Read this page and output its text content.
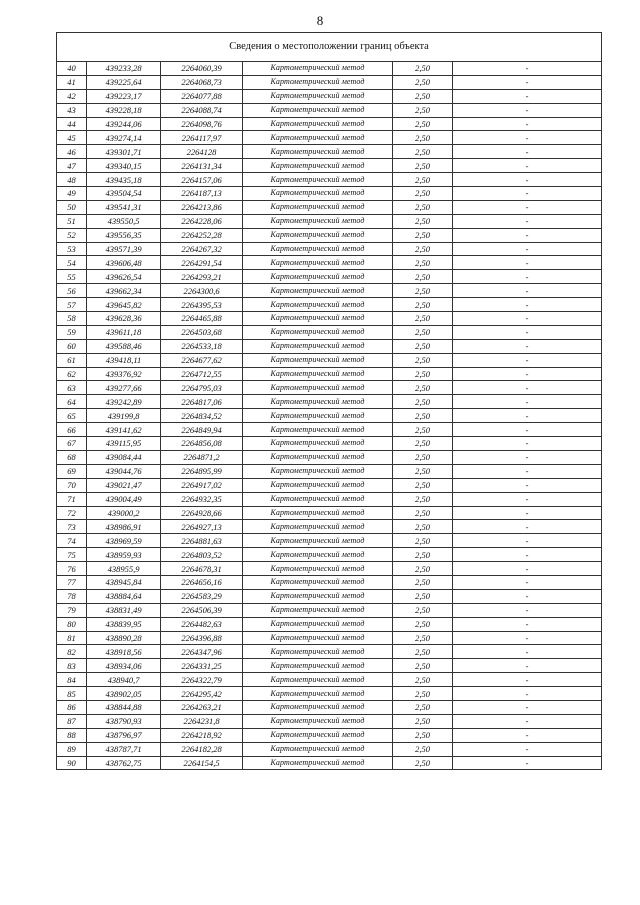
8
Сведения о местоположении границ объекта					
40	439233,28	2264060,39	Картометрический метод	2,50	-
41	439225,64	2264068,73	Картометрический метод	2,50	-
42	439223,17	2264077,88	Картометрический метод	2,50	-
43	439228,18	2264088,74	Картометрический метод	2,50	-
44	439244,06	2264098,76	Картометрический метод	2,50	-
45	439274,14	2264117,97	Картометрический метод	2,50	-
46	439301,71	2264128	Картометрический метод	2,50	-
47	439340,15	2264131,34	Картометрический метод	2,50	-
48	439435,18	2264157,06	Картометрический метод	2,50	-
49	439504,54	2264187,13	Картометрический метод	2,50	-
50	439541,31	2264213,86	Картометрический метод	2,50	-
51	439550,5	2264228,06	Картометрический метод	2,50	-
52	439556,35	2264252,28	Картометрический метод	2,50	-
53	439571,39	2264267,32	Картометрический метод	2,50	-
54	439606,48	2264291,54	Картометрический метод	2,50	-
55	439626,54	2264293,21	Картометрический метод	2,50	-
56	439662,34	2264300,6	Картометрический метод	2,50	-
57	439645,82	2264395,53	Картометрический метод	2,50	-
58	439628,36	2264465,88	Картометрический метод	2,50	-
59	439611,18	2264503,68	Картометрический метод	2,50	-
60	439588,46	2264533,18	Картометрический метод	2,50	-
61	439418,11	2264677,62	Картометрический метод	2,50	-
62	439376,92	2264712,55	Картометрический метод	2,50	-
63	439277,66	2264795,03	Картометрический метод	2,50	-
64	439242,89	2264817,06	Картометрический метод	2,50	-
65	439199,8	2264834,52	Картометрический метод	2,50	-
66	439141,62	2264849,94	Картометрический метод	2,50	-
67	439115,95	2264856,08	Картометрический метод	2,50	-
68	439084,44	2264871,2	Картометрический метод	2,50	-
69	439044,76	2264895,99	Картометрический метод	2,50	-
70	439021,47	2264917,02	Картометрический метод	2,50	-
71	439004,49	2264932,35	Картометрический метод	2,50	-
72	439000,2	2264928,66	Картометрический метод	2,50	-
73	438986,91	2264927,13	Картометрический метод	2,50	-
74	438969,59	2264881,63	Картометрический метод	2,50	-
75	438959,93	2264803,52	Картометрический метод	2,50	-
76	438955,9	2264678,31	Картометрический метод	2,50	-
77	438945,84	2264656,16	Картометрический метод	2,50	-
78	438884,64	2264583,29	Картометрический метод	2,50	-
79	438831,49	2264506,39	Картометрический метод	2,50	-
80	438839,95	2264482,63	Картометрический метод	2,50	-
81	438890,28	2264396,88	Картометрический метод	2,50	-
82	438918,56	2264347,96	Картометрический метод	2,50	-
83	438934,06	2264331,25	Картометрический метод	2,50	-
84	438940,7	2264322,79	Картометрический метод	2,50	-
85	438902,05	2264295,42	Картометрический метод	2,50	-
86	438844,88	2264263,21	Картометрический метод	2,50	-
87	438790,93	2264231,8	Картометрический метод	2,50	-
88	438796,97	2264218,92	Картометрический метод	2,50	-
89	438787,71	2264182,28	Картометрический метод	2,50	-
90	438762,75	2264154,5	Картометрический метод	2,50	-
